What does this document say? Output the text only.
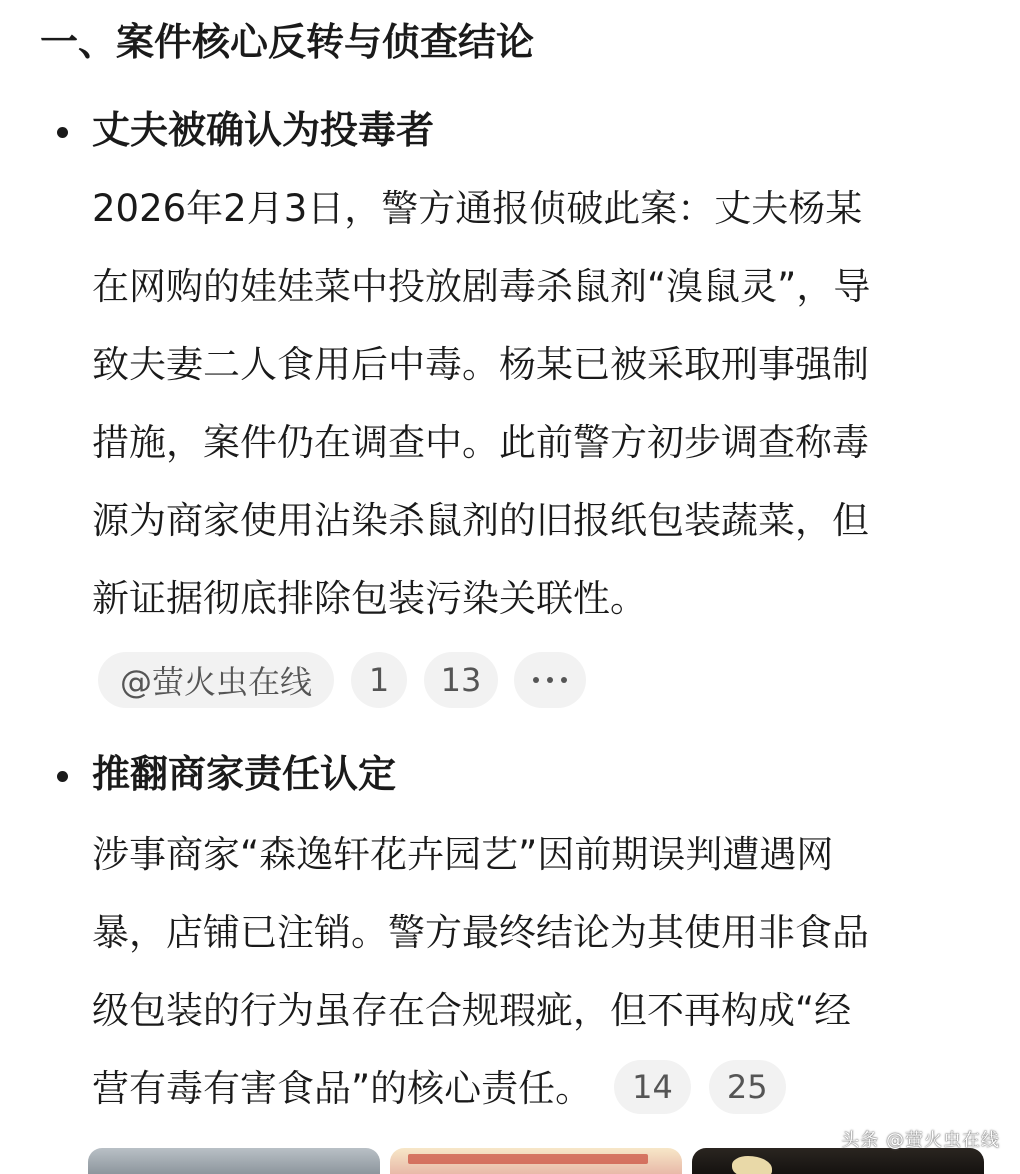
一、案件核心反转与侦查结论
丈夫被确认为投毒者
2026年2月3日，警方通报侦破此案：丈夫杨某
在网购的娃娃菜中投放剧毒杀鼠剂“溴鼠灵”，导
致夫妻二人食用后中毒。杨某已被采取刑事强制
措施，案件仍在调查中。此前警方初步调查称毒
源为商家使用沾染杀鼠剂的旧报纸包装蔬菜，但
新证据彻底排除包装污染关联性。
@萤火虫在线	1	13
推翻商家责任认定
涉事商家“森逸轩花卉园艺”因前期误判遭遇网
暴，店铺已注销。警方最终结论为其使用非食品
级包装的行为虽存在合规瑕疵，但不再构成“经
营有毒有害食品”的核心责任。 14 25
头条 @萤火虫在线
